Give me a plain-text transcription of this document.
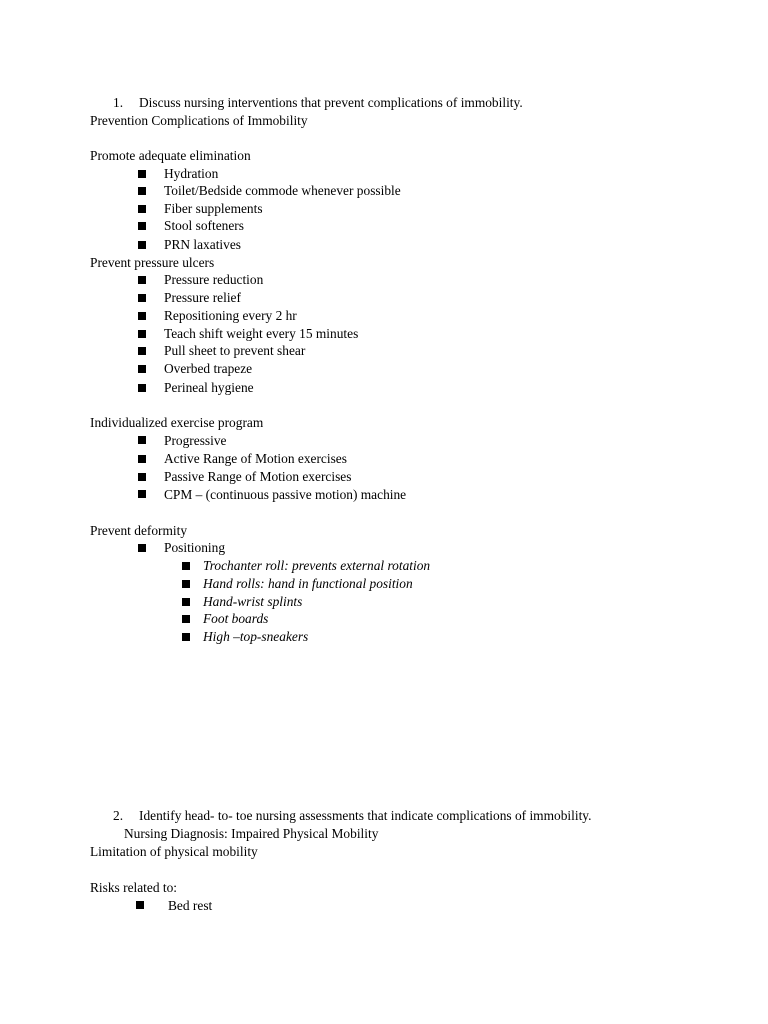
1. Discuss nursing interventions that prevent complications of immobility.
Prevention Complications of Immobility
Promote adequate elimination
Hydration
Toilet/Bedside commode whenever possible
Fiber supplements
Stool softeners
PRN laxatives
Prevent pressure ulcers
Pressure reduction
Pressure relief
Repositioning every 2 hr
Teach shift weight every 15 minutes
Pull sheet to prevent shear
Overbed trapeze
Perineal hygiene
Individualized exercise program
Progressive
Active Range of Motion exercises
Passive Range of Motion exercises
CPM – (continuous passive motion) machine
Prevent deformity
Positioning
Trochanter roll: prevents external rotation
Hand rolls: hand in functional position
Hand-wrist splints
Foot boards
High –top-sneakers
2. Identify head- to- toe nursing assessments that indicate complications of immobility.
Nursing Diagnosis: Impaired Physical Mobility
Limitation of physical mobility
Risks related to:
Bed rest
